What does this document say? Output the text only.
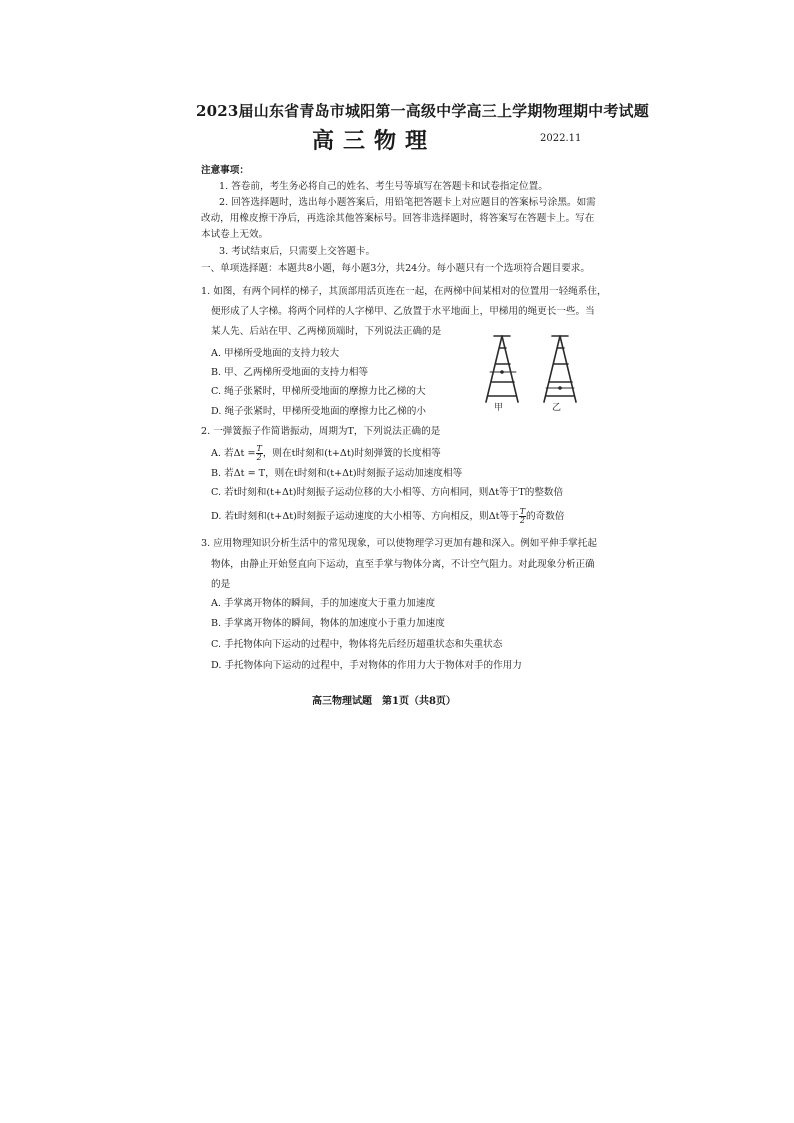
2023届山东省青岛市城阳第一高级中学高三上学期物理期中考试题
高三物理	2022.11
注意事项：
1. 答卷前，考生务必将自己的姓名、考生号等填写在答题卡和试卷指定位置。
2. 回答选择题时，选出每小题答案后，用铅笔把答题卡上对应题目的答案标号涂黑。如需
改动，用橡皮擦干净后，再选涂其他答案标号。回答非选择题时，将答案写在答题卡上。写在
本试卷上无效。
3. 考试结束后，只需要上交答题卡。
一、单项选择题：本题共8小题，每小题3分，共24分。每小题只有一个选项符合题目要求。
1. 如图，有两个同样的梯子，其顶部用活页连在一起，在两梯中间某相对的位置用一轻绳系住，
便形成了人字梯。将两个同样的人字梯甲、乙放置于水平地面上，甲梯用的绳更长一些。当
某人先、后站在甲、乙两梯顶端时，下列说法正确的是
A. 甲梯所受地面的支持力较大
B. 甲、乙两梯所受地面的支持力相等
C. 绳子张紧时，甲梯所受地面的摩擦力比乙梯的大
D. 绳子张紧时，甲梯所受地面的摩擦力比乙梯的小	甲	乙
2. 一弹簧振子作简谐振动，周期为T，下列说法正确的是
A. 若$\Delta t = \frac{T}{2}$ ，则在t时刻和(t+Δt)时刻弹簧的长度相等
B. 若Δt = T，则在t时刻和(t+Δt)时刻振子运动加速度相等
C. 若t时刻和(t+Δt)时刻振子运动位移的大小相等、方向相同，则Δt等于T的整数倍
D. 若t时刻和(t+Δt)时刻振子运动速度的大小相等、方向相反，则Δt等于 $\frac{T}{2}$ 的奇数倍
3. 应用物理知识分析生活中的常见现象，可以使物理学习更加有趣和深入。例如平伸手掌托起
物体，由静止开始竖直向下运动，直至手掌与物体分离，不计空气阻力。对此现象分析正确
的是
A. 手掌离开物体的瞬间，手的加速度大于重力加速度
B. 手掌离开物体的瞬间，物体的加速度小于重力加速度
C. 手托物体向下运动的过程中，物体将先后经历超重状态和失重状态
D. 手托物体向下运动的过程中，手对物体的作用力大于物体对手的作用力
高三物理试题　第1页（共8页）
